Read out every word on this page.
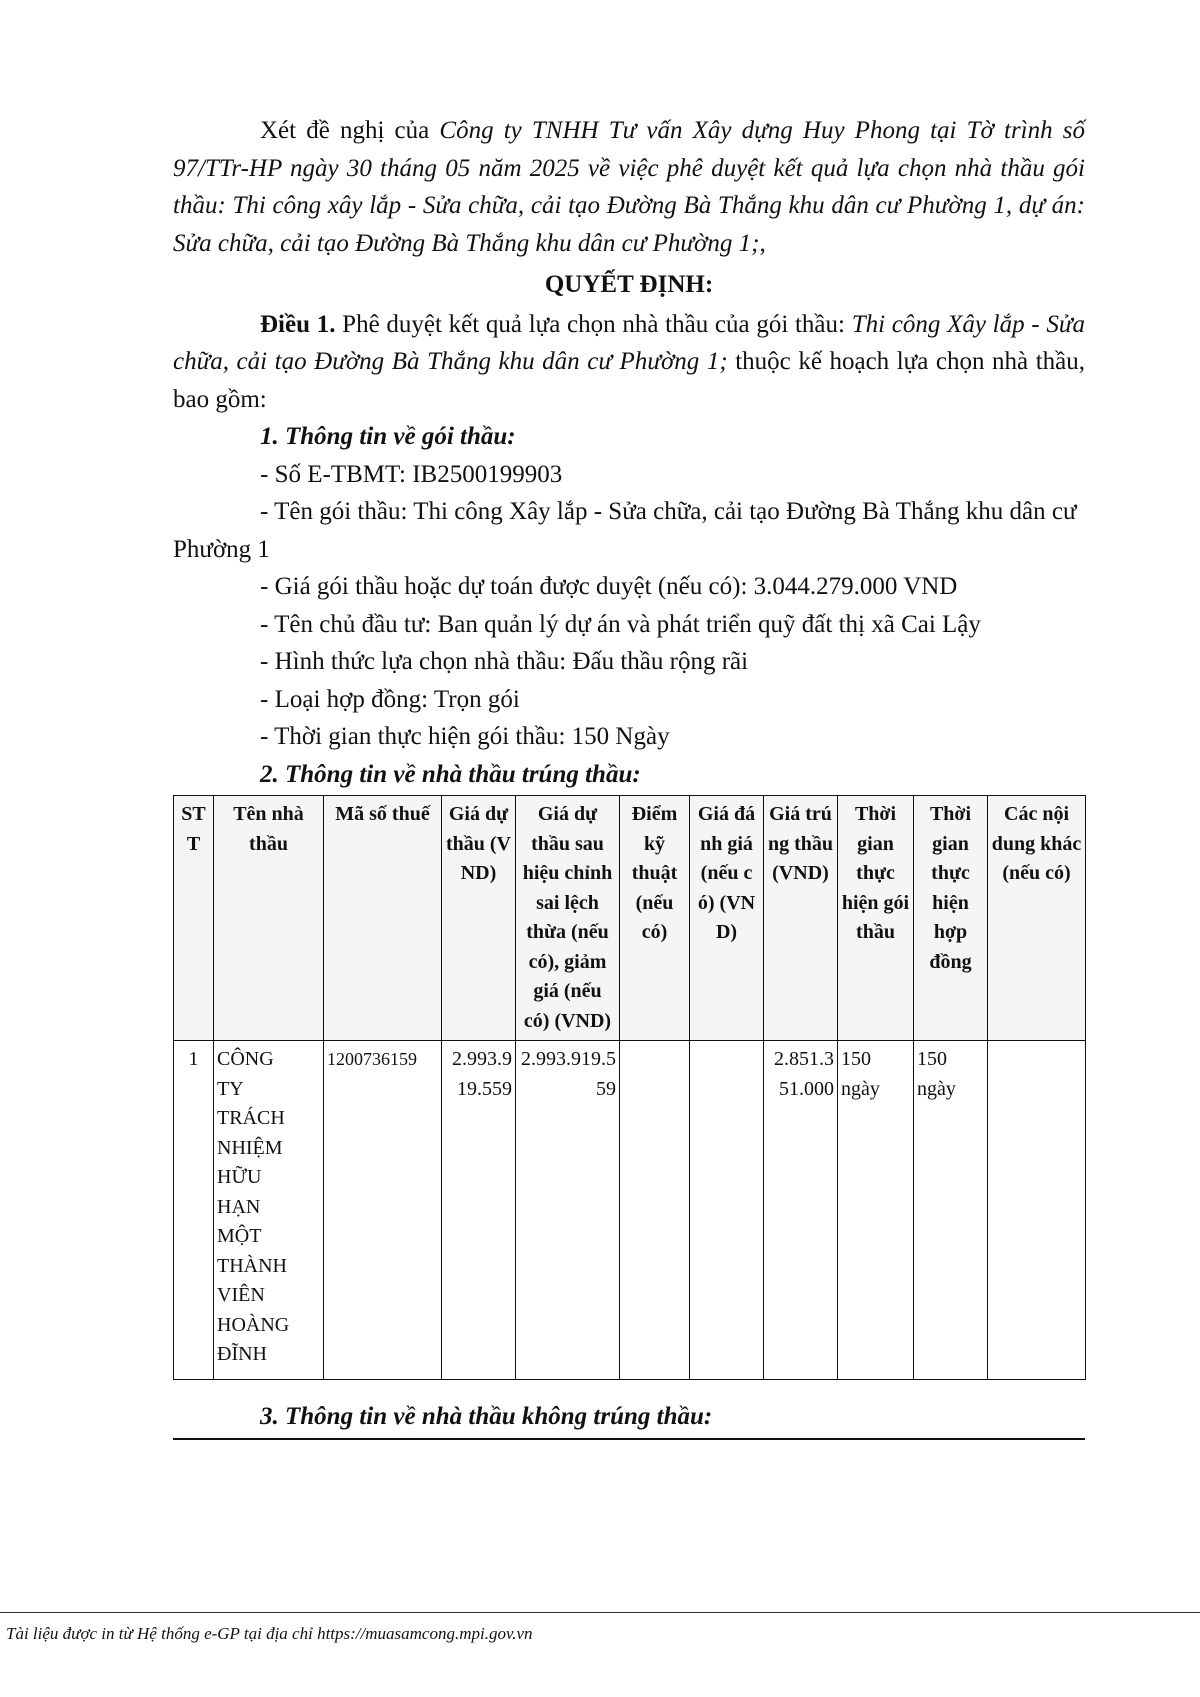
Xét đề nghị của Công ty TNHH Tư vấn Xây dựng Huy Phong tại Tờ trình số 97/TTr-HP ngày 30 tháng 05 năm 2025 về việc phê duyệt kết quả lựa chọn nhà thầu gói thầu: Thi công xây lắp - Sửa chữa, cải tạo Đường Bà Thắng khu dân cư Phường 1, dự án: Sửa chữa, cải tạo Đường Bà Thắng khu dân cư Phường 1;,

QUYẾT ĐỊNH:

Điều 1. Phê duyệt kết quả lựa chọn nhà thầu của gói thầu: Thi công Xây lắp - Sửa chữa, cải tạo Đường Bà Thắng khu dân cư Phường 1; thuộc kế hoạch lựa chọn nhà thầu, bao gồm:

1. Thông tin về gói thầu:

- Số E-TBMT: IB2500199903

- Tên gói thầu: Thi công Xây lắp - Sửa chữa, cải tạo Đường Bà Thắng khu dân cư Phường 1

- Giá gói thầu hoặc dự toán được duyệt (nếu có): 3.044.279.000 VND

- Tên chủ đầu tư: Ban quản lý dự án và phát triển quỹ đất thị xã Cai Lậy

- Hình thức lựa chọn nhà thầu: Đấu thầu rộng rãi

- Loại hợp đồng: Trọn gói

- Thời gian thực hiện gói thầu: 150 Ngày

2. Thông tin về nhà thầu trúng thầu:

STT	Tên nhà thầu	Mã số thuế	Giá dự thầu (VND)	Giá dự thầu sau hiệu chỉnh sai lệch thừa (nếu có), giảm giá (nếu có) (VND)	Điểm kỹ thuật (nếu có)	Giá đánh giá (nếu có) (VND)	Giá trúng thầu (VND)	Thời gian thực hiện gói thầu	Thời gian thực hiện hợp đồng	Các nội dung khác (nếu có)
1	CÔNG TY TRÁCH NHIỆM HỮU HẠN MỘT THÀNH VIÊN HOÀNG ĐĨNH	1200736159	2.993.919.559	2.993.919.559			2.851.351.000	150 ngày	150 ngày	

3. Thông tin về nhà thầu không trúng thầu:

Tài liệu được in từ Hệ thống e-GP tại địa chỉ https://muasamcong.mpi.gov.vn
